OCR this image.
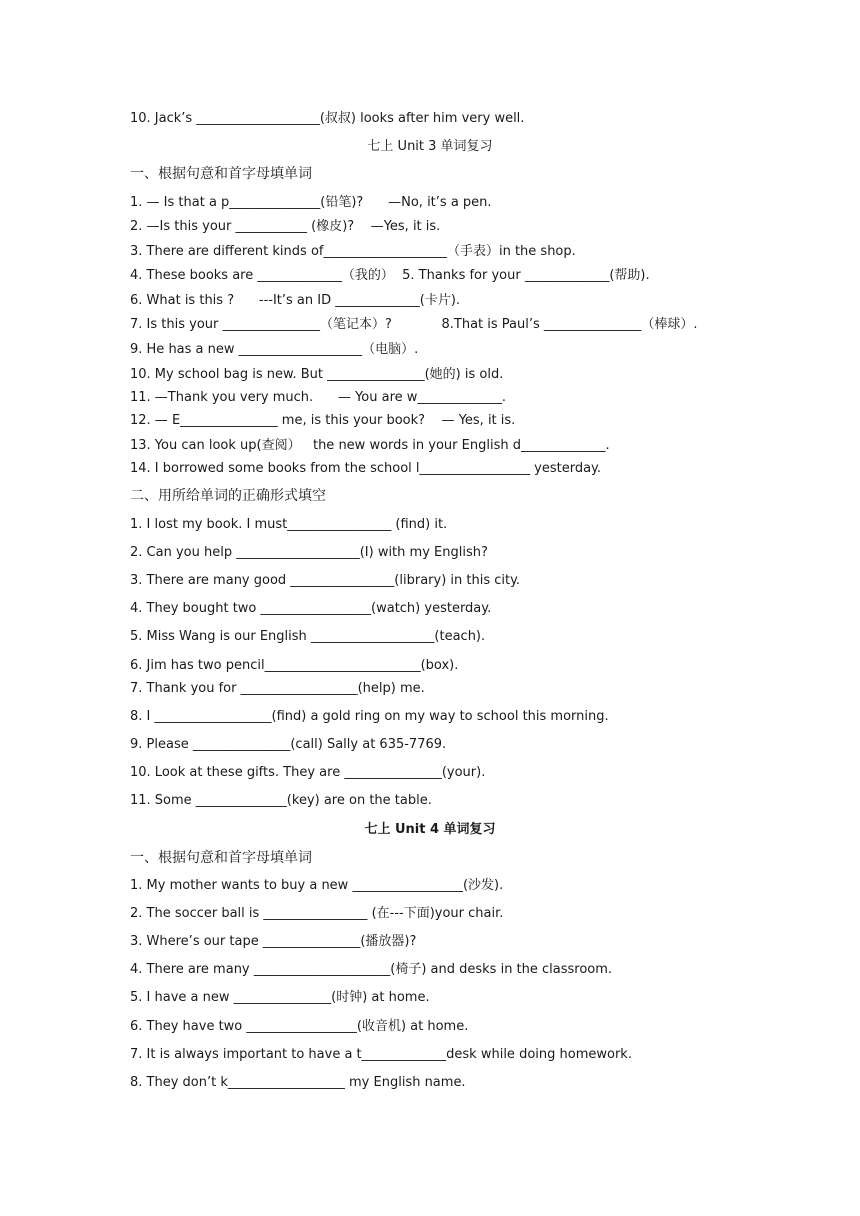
10. Jack’s ___________________(叔叔) looks after him very well.
七上 Unit 3 单词复习
一、根据句意和首字母填单词
1. — Is that a p______________(铅笔)?      —No, it’s a pen.
2. —Is this your ___________ (橡皮)?    —Yes, it is.
3. There are different kinds of___________________（手表）in the shop.
4. These books are _____________（我的）  5. Thanks for your _____________(帮助).
6. What is this ?      ---It’s an ID _____________(卡片).
7. Is this your _______________（笔记本）?            8.That is Paul’s _______________（棒球）.
9. He has a new ___________________（电脑）.
10. My school bag is new. But _______________(她的) is old.
11. —Thank you very much.      — You are w_____________.
12. — E_______________ me, is this your book?    — Yes, it is.
13. You can look up(查阅）   the new words in your English d_____________.
14. I borrowed some books from the school l_________________ yesterday.
二、用所给单词的正确形式填空
1. I lost my book. I must________________ (find) it.
2. Can you help ___________________(I) with my English?
3. There are many good ________________(library) in this city.
4. They bought two _________________(watch) yesterday.
5. Miss Wang is our English ___________________(teach).
6. Jim has two pencil________________________(box).
7. Thank you for __________________(help) me.
8. I __________________(find) a gold ring on my way to school this morning.
9. Please _______________(call) Sally at 635-7769.
10. Look at these gifts. They are _______________(your).
11. Some ______________(key) are on the table.
七上 Unit 4 单词复习
一、根据句意和首字母填单词
1. My mother wants to buy a new _________________(沙发).
2. The soccer ball is ________________ (在---下面)your chair.
3. Where’s our tape _______________(播放器)?
4. There are many _____________________(椅子) and desks in the classroom.
5. I have a new _______________(时钟) at home.
6. They have two _________________(收音机) at home.
7. It is always important to have a t_____________desk while doing homework.
8. They don’t k__________________ my English name.
